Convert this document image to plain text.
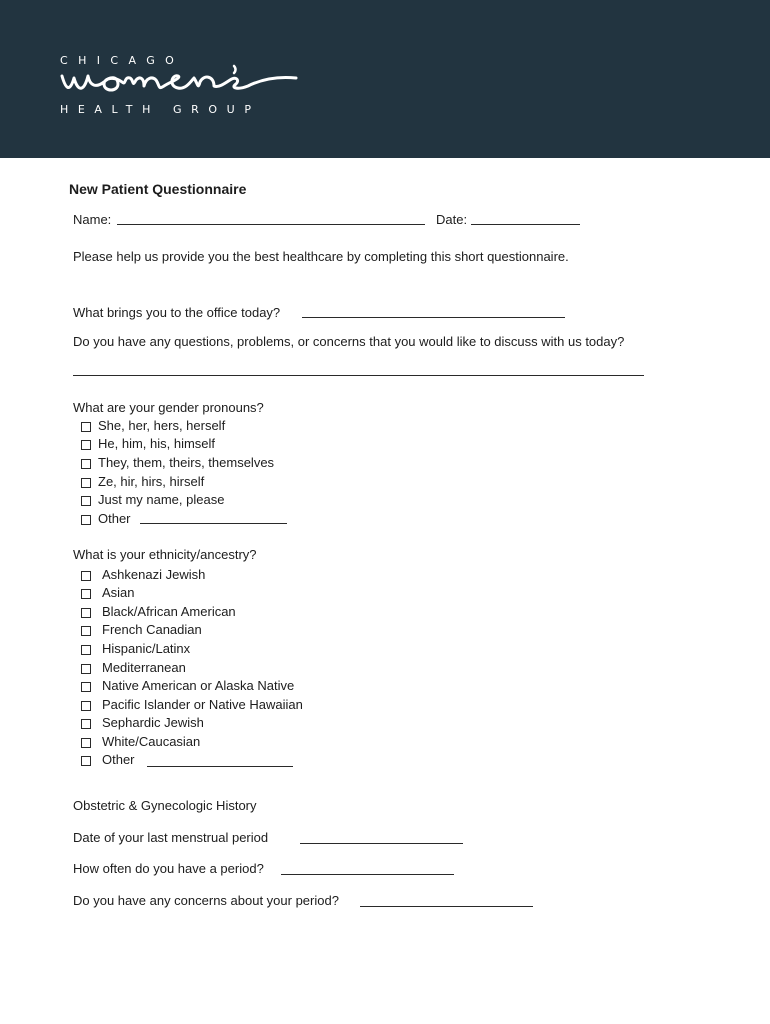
CHICAGO
HEALTH GROUP
New Patient Questionnaire
Name:	Date:
Please help us provide you the best healthcare by completing this short questionnaire.
What brings you to the office today?
Do you have any questions, problems, or concerns that you would like to discuss with us today?
What are your gender pronouns?
She, her, hers, herself
He, him, his, himself
They, them, theirs, themselves
Ze, hir, hirs, hirself
Just my name, please
Other
What is your ethnicity/ancestry?
Ashkenazi Jewish
Asian
Black/African American
French Canadian
Hispanic/Latinx
Mediterranean
Native American or Alaska Native
Pacific Islander or Native Hawaiian
Sephardic Jewish
White/Caucasian
Other
Obstetric & Gynecologic History
Date of your last menstrual period
How often do you have a period?
Do you have any concerns about your period?
